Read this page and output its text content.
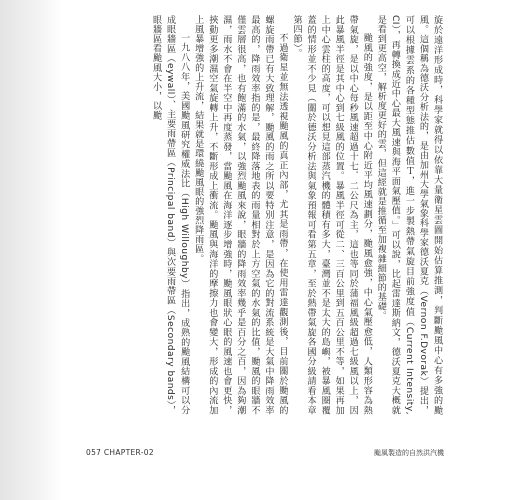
旋於遠洋形成時，科學家就得以依靠大量衛星雲圖開始估算推測，判斷颱風中心有多強的颱風。這個稱為德沃分析法的，是由加州大學氣象科學家德沃夏克（Vernon F.Dvorak）提出，可以根據雲系的各種型態推估數值Ｔ，進一步製熱帶氣旋目前強度值（Current Intensity, CI），再轉換成近中心最大風速與海平面氣壓值。」可以說，比起雷達斯納文，德沃夏克大概就是看到更高空，解析度更好的雲，但這經就是推循至加複雜細節的基礎。

颱風的強度，是以距至中心附近平均風速劃分，颱風愈強，中心氣壓愈低，人類形容為熱帶氣旋，是以中心每秒風速超過十七．二公尺為主，這也等同於蒲福風級超過七級風以上，因此暴風半徑是其中心到七級風的位置。暴風半徑可從二、三百公里到五百公里不等，如果再加上中心雲柱的高度，可以想見這部蒸汽機的體積有多大，臺灣並不是太大的島嶼，被暴風圈覆蓋的情形並不少見（關於德沃分析法與氣象預報可看第五章，至於熱帶氣旋各國分級請看本章第四節）。

不過衛星並無法透視颱風的真正內部，尤其是雨帶，在使用雷達觀測後，目前關於颱風的螺旋雨帶已有大致理解，颱風的雨之所以要特別注意，是因為它的對流系統是大氣中降雨效率最高的，降雨效率指的是，最終降落地表的雨量相對於上方空氣的水氣的比值，颱風的眼牆不僅雲層很高，也有飽滿的水氣，以強烈颱風來說，眼牆的降雨效率幾乎是百分之百，因為夠潮濕，雨水不會在半空中再度蒸發，當颱風在海洋逐步增強時，颱風眼狀心眼的風速也會更快，挾動更多潮濕空氣旋轉上升，不斷形成上衝流。颱風與海洋的摩擦力也會變大，形成的內流加上風暴增強的上升流，結果就是環繞颱風眼的強烈降雨區。

一九八八年，美國颱風研究權威法比（High Willoughby）指出，成熟的颱風結構可以分成眼牆區（eywall）、主要雨帶區（Principal band）與次要雨帶區（Secondary bands），眼牆區看颱風大小，以颱

057 CHAPTER-02	颱風製造的自然洪汽機
